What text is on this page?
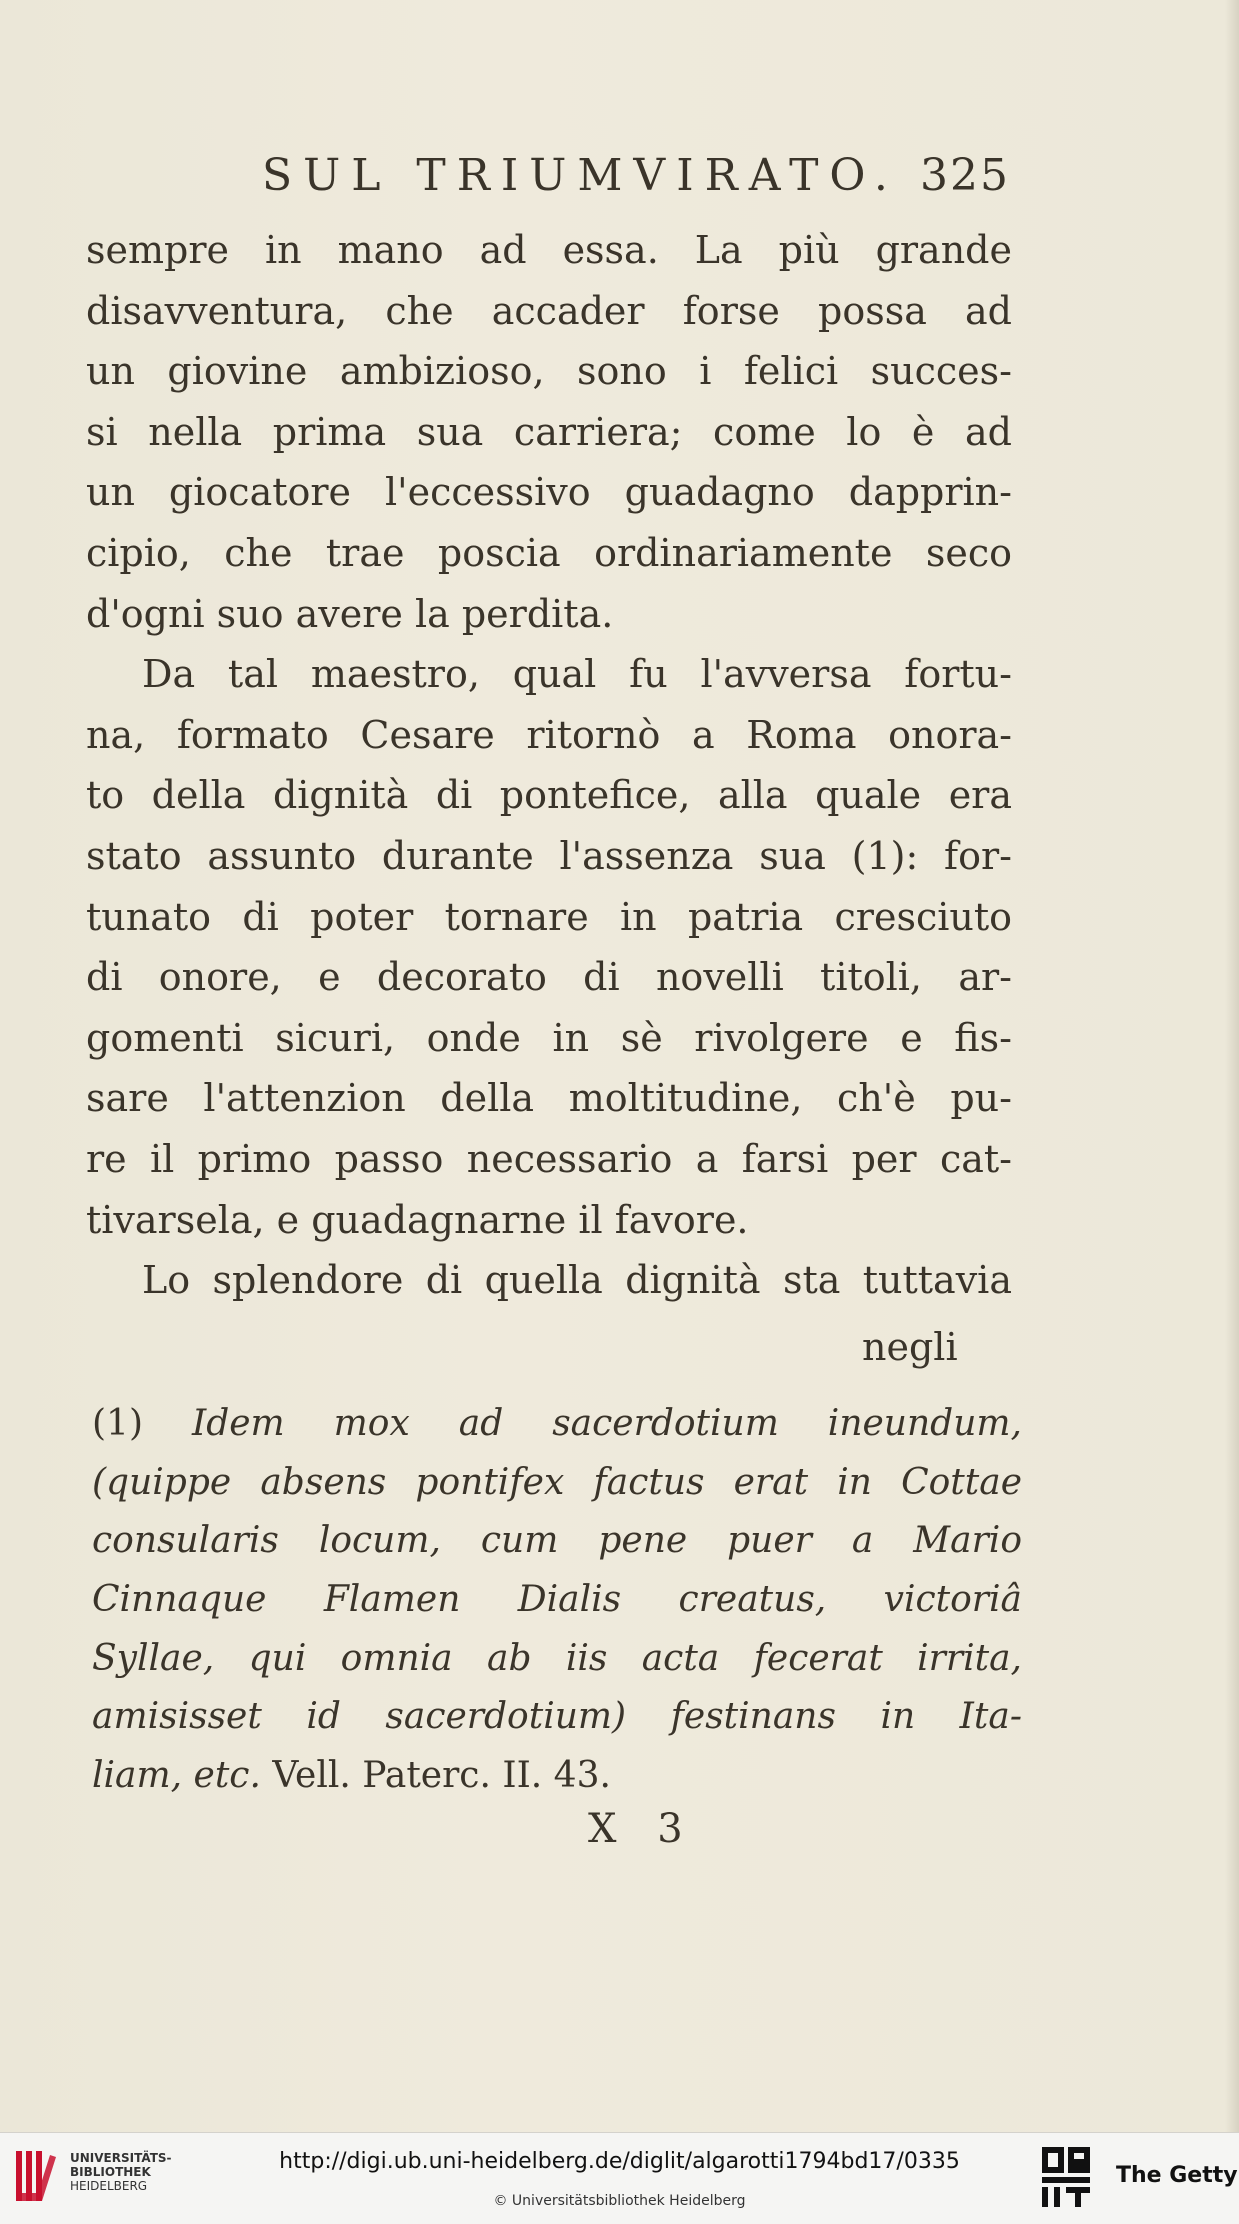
SUL TRIUMVIRATO. 325
sempre in mano ad essa. La più grande
disavventura, che accader forse possa ad
un giovine ambizioso, sono i felici succes-
si nella prima sua carriera; come lo è ad
un giocatore l'eccessivo guadagno dapprin-
cipio, che trae poscia ordinariamente seco
d'ogni suo avere la perdita.
Da tal maestro, qual fu l'avversa fortu-
na, formato Cesare ritornò a Roma onora-
to della dignità di pontefice, alla quale era
stato assunto durante l'assenza sua (1): for-
tunato di poter tornare in patria cresciuto
di onore, e decorato di novelli titoli, ar-
gomenti sicuri, onde in sè rivolgere e fis-
sare l'attenzion della moltitudine, ch'è pu-
re il primo passo necessario a farsi per cat-
tivarsela, e guadagnarne il favore.
Lo splendore di quella dignità sta tuttavia
negli
(1) Idem mox ad sacerdotium ineundum,
(quippe absens pontifex factus erat in Cottae
consularis locum, cum pene puer a Mario
Cinnaque Flamen Dialis creatus, victoriâ
Syllae, qui omnia ab iis acta fecerat irrita,
amisisset id sacerdotium) festinans in Ita-
liam, etc. Vell. Paterc. II. 43.
X 3
UNIVERSITÄTS-
BIBLIOTHEK
HEIDELBERG
http://digi.ub.uni-heidelberg.de/diglit/algarotti1794bd17/0335
© Universitätsbibliothek Heidelberg
The Getty
